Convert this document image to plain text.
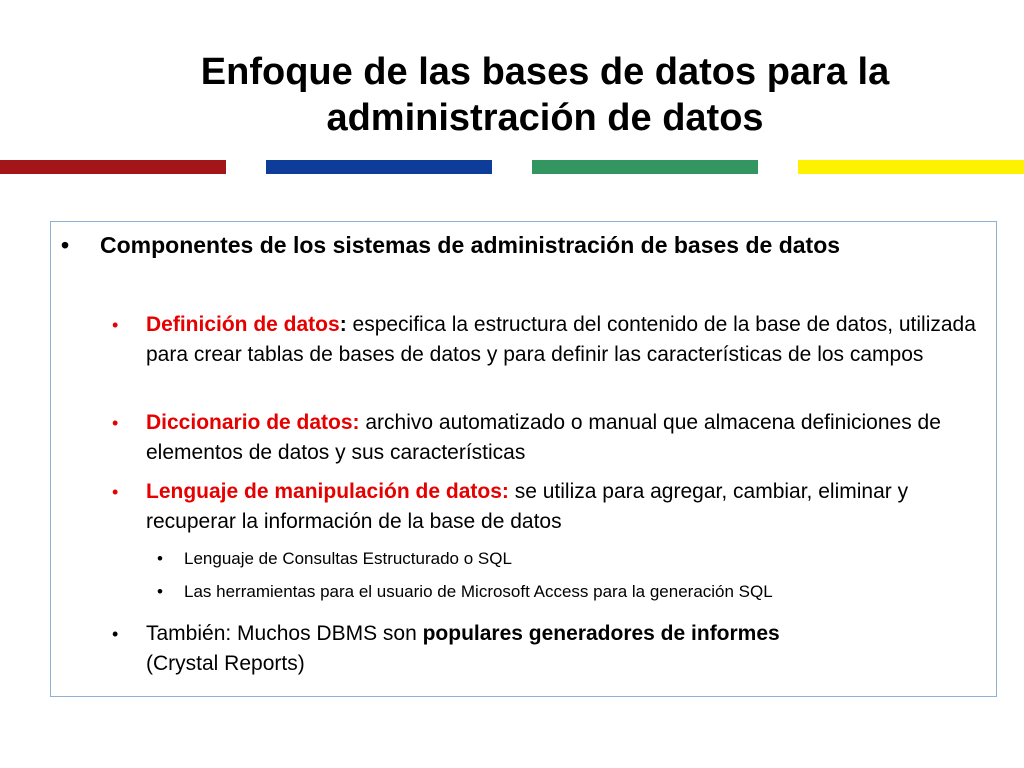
Enfoque de las bases de datos para la administración de datos
• Componentes de los sistemas de administración de bases de datos
• Definición de datos: especifica la estructura del contenido de la base de datos, utilizada para crear tablas de bases de datos y para definir las características de los campos
• Diccionario de datos: archivo automatizado o manual que almacena definiciones de elementos de datos y sus características
• Lenguaje de manipulación de datos: se utiliza para agregar, cambiar, eliminar y recuperar la información de la base de datos
• Lenguaje de Consultas Estructurado o SQL
• Las herramientas para el usuario de Microsoft Access para la generación SQL
• También: Muchos DBMS son populares generadores de informes
(Crystal Reports)
